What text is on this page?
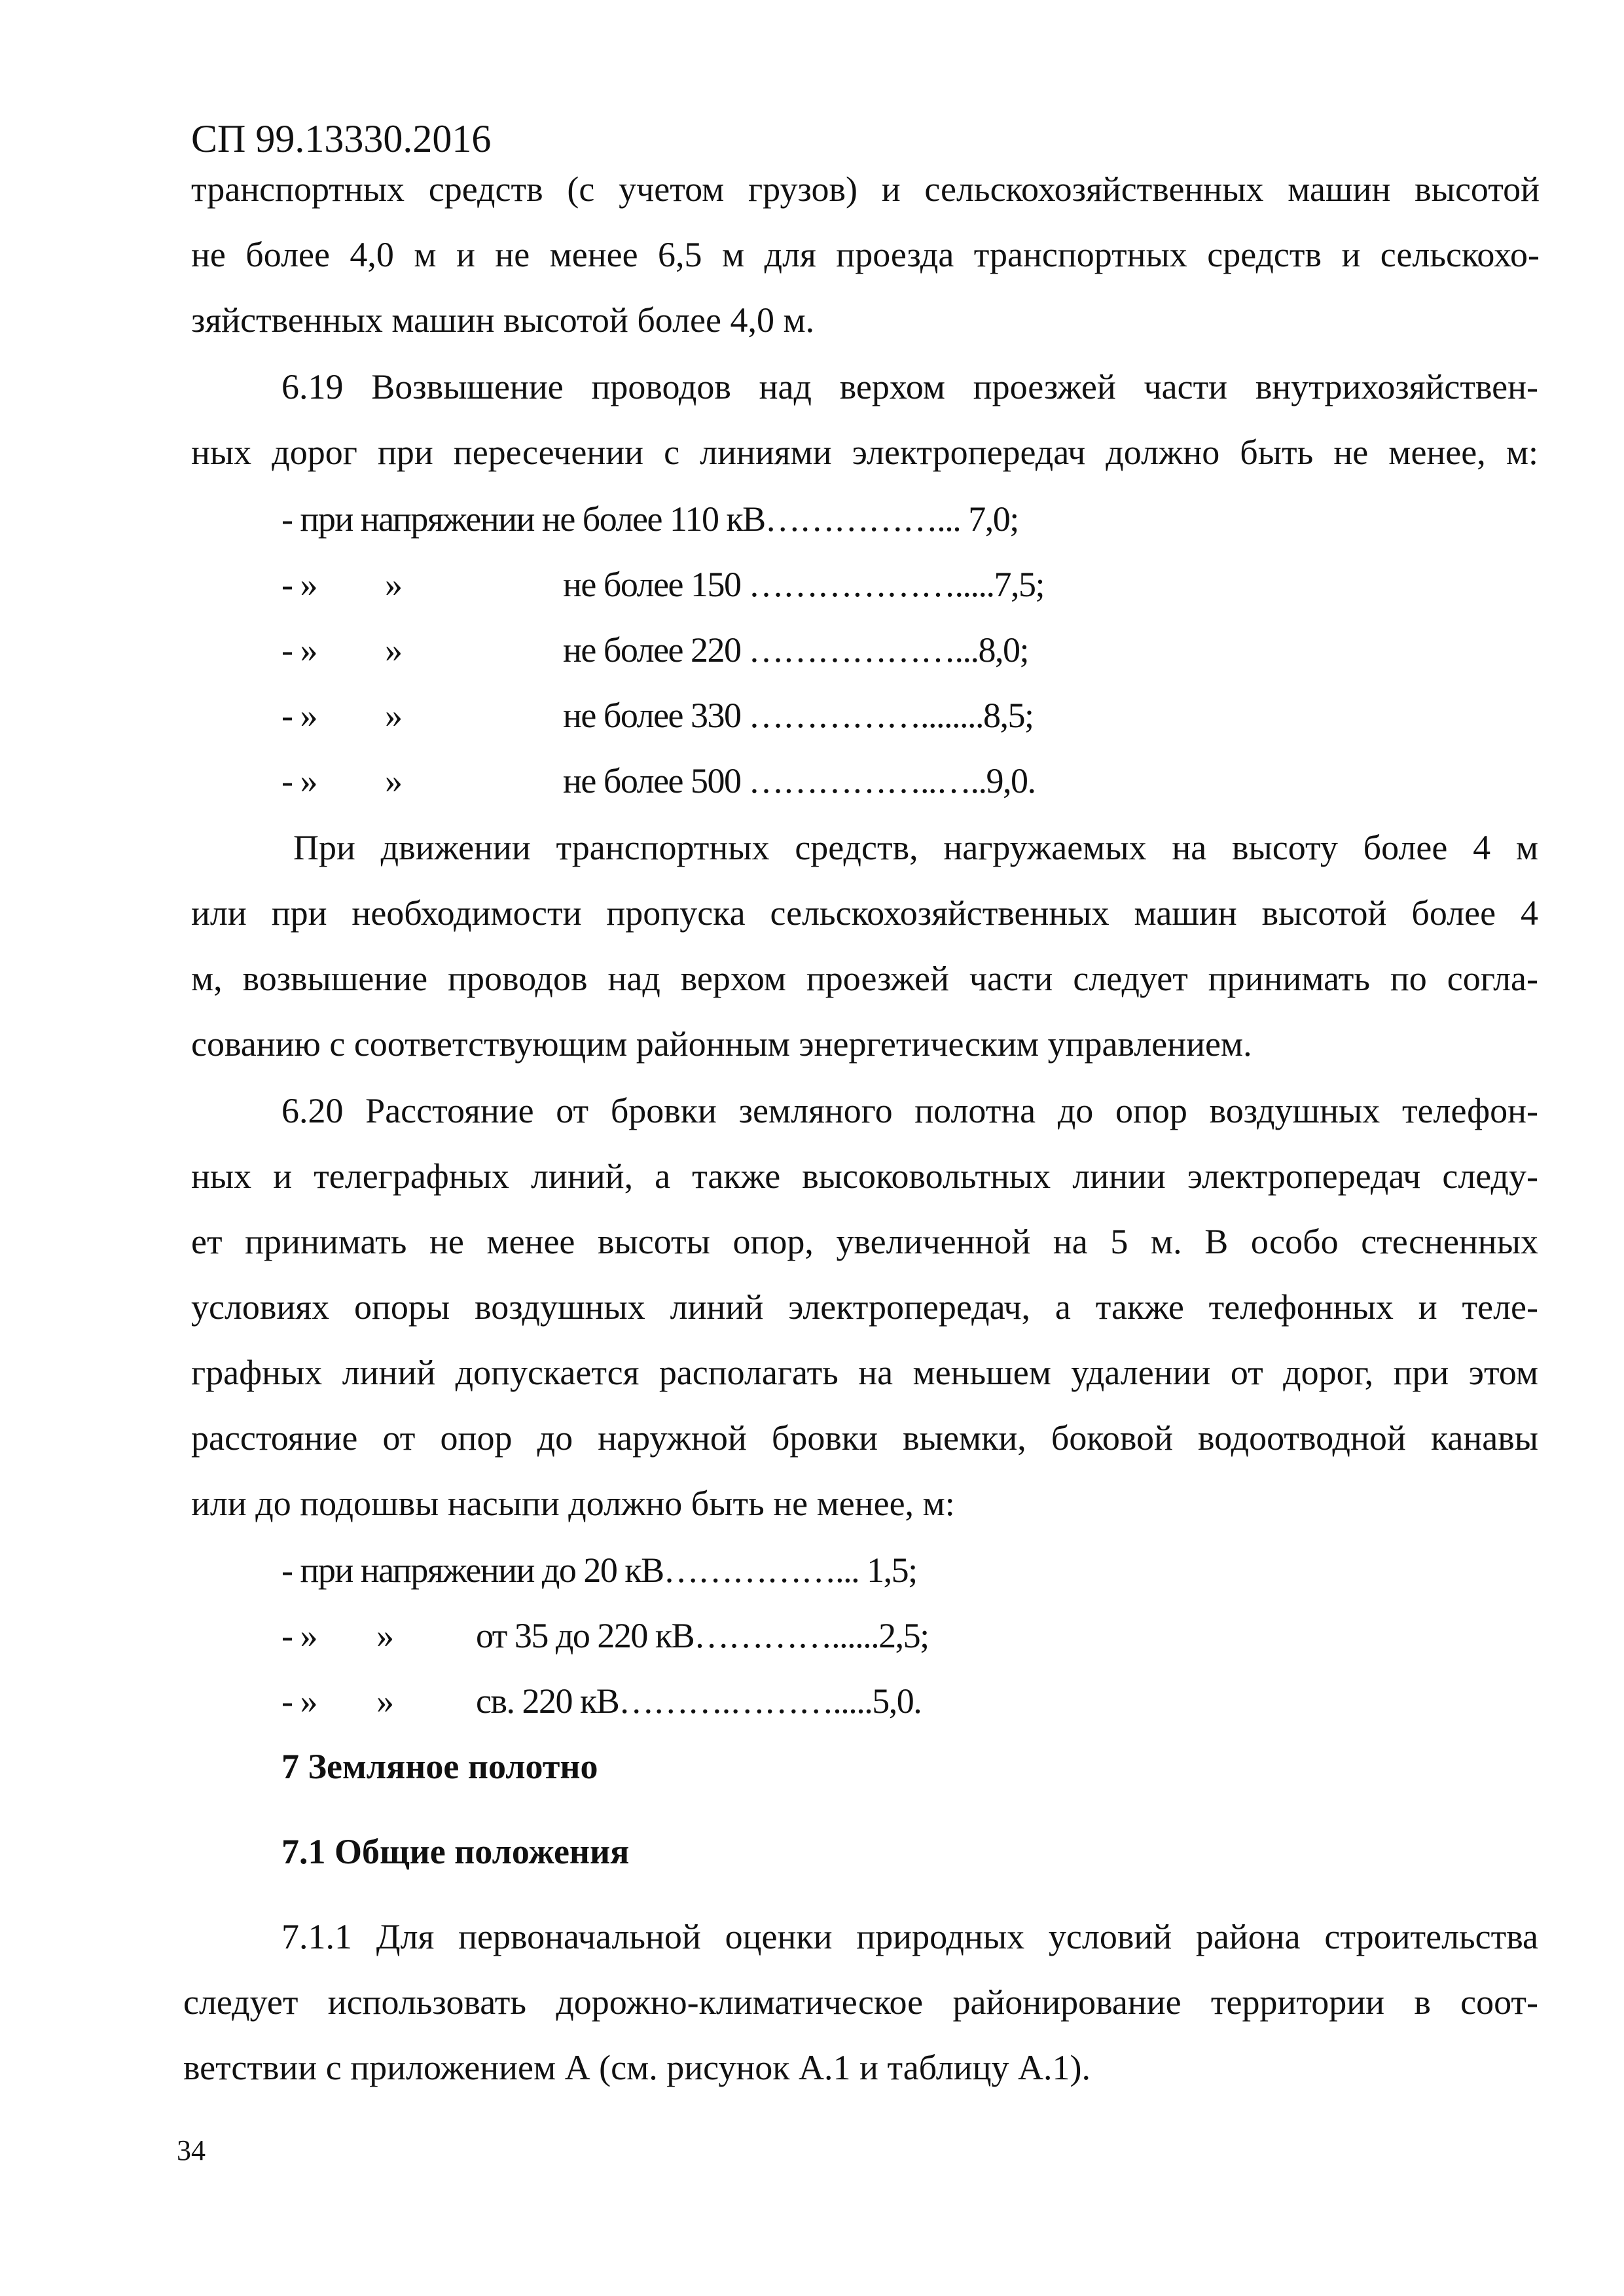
СП 99.13330.2016
транспортных средств (с учетом грузов) и сельскохозяйственных машин высотой
не более 4,0 м и не менее 6,5 м для проезда транспортных средств и сельскохо-
зяйственных машин высотой более 4,0 м.
6.19 Возвышение проводов над верхом проезжей части внутрихозяйствен-
ных дорог при пересечении с линиями электропередач должно быть не менее, м:
- при напряжении не более 110 кВ……………... 7,0;
- » »	не более 150 ……………….....7,5;
- » »	не более 220 ………………...8,0;
- » »	не более 330 ……………........8,5;
- » »	не более 500 ……………..…..9,0.
При движении транспортных средств, нагружаемых на высоту более 4 м
или при необходимости пропуска сельскохозяйственных машин высотой более 4
м, возвышение проводов над верхом проезжей части следует принимать по согла-
сованию с соответствующим районным энергетическим управлением.
6.20 Расстояние от бровки земляного полотна до опор воздушных телефон-
ных и телеграфных линий, а также высоковольтных линии электропередач следу-
ет принимать не менее высоты опор, увеличенной на 5 м. В особо стесненных
условиях опоры воздушных линий электропередач, а также телефонных и теле-
графных линий допускается располагать на меньшем удалении от дорог, при этом
расстояние от опор до наружной бровки выемки, боковой водоотводной канавы
или до подошвы насыпи должно быть не менее, м:
- при напряжении до 20 кВ……………... 1,5;
- » » от 35 до 220 кВ…………......2,5;
- » » св. 220 кВ……….……….....5,0.
7 Земляное полотно
7.1 Общие положения
7.1.1 Для первоначальной оценки природных условий района строительства
следует использовать дорожно-климатическое районирование территории в соот-
ветствии с приложением А (см. рисунок А.1 и таблицу А.1).
34
